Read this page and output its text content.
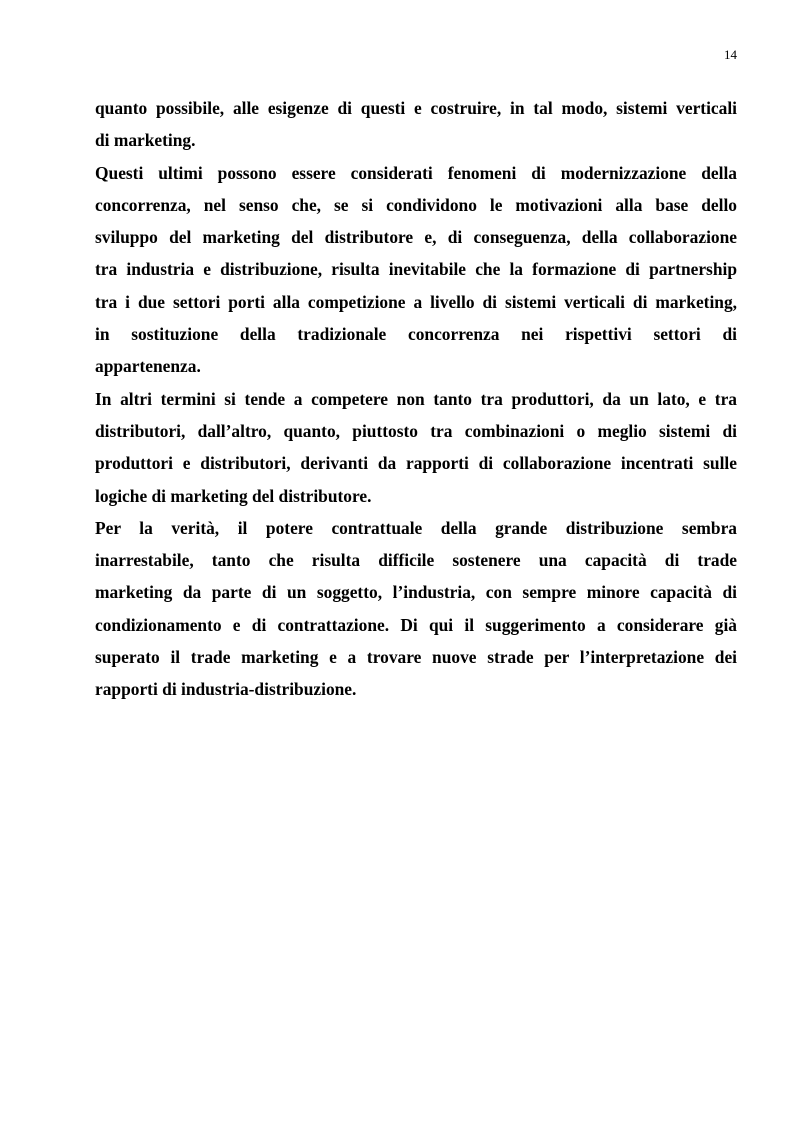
14
quanto possibile, alle esigenze di questi e costruire, in tal modo, sistemi verticali
di marketing.
Questi ultimi possono essere considerati fenomeni di modernizzazione della
concorrenza, nel senso che, se si condividono le motivazioni alla base dello
sviluppo del marketing del distributore e, di conseguenza, della collaborazione
tra industria e distribuzione, risulta inevitabile che la formazione di partnership
tra i due settori porti alla competizione a livello di sistemi verticali di marketing,
in sostituzione della tradizionale concorrenza nei rispettivi settori di
appartenenza.
In altri termini si tende a competere non tanto tra produttori, da un lato, e tra
distributori, dall’altro, quanto, piuttosto tra combinazioni o meglio sistemi di
produttori e distributori, derivanti da rapporti di collaborazione incentrati sulle
logiche di marketing del distributore.
Per la verità, il potere contrattuale della grande distribuzione sembra
inarrestabile, tanto che risulta difficile sostenere una capacità di trade
marketing da parte di un soggetto, l’industria, con sempre minore capacità di
condizionamento e di contrattazione. Di qui il suggerimento a considerare già
superato il trade marketing e a trovare nuove strade per l’interpretazione dei
rapporti di industria-distribuzione.
